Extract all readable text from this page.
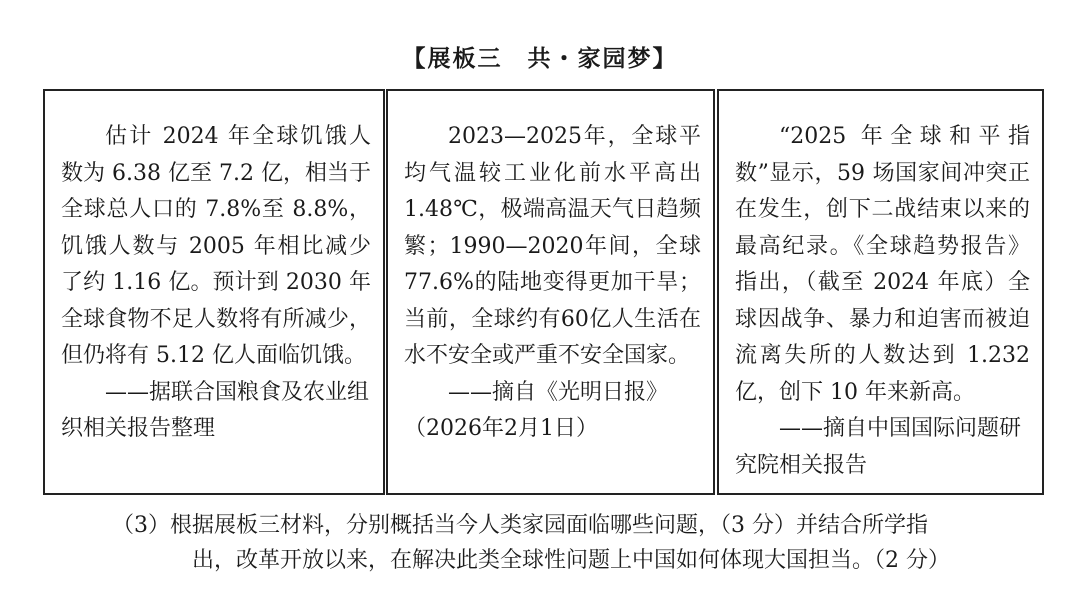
【展板三　共・家园梦】

估计 2024 年全球饥饿人数为 6.38 亿至 7.2 亿，相当于全球总人口的 7.8%至 8.8%，饥饿人数与 2005 年相比减少了约 1.16 亿。预计到 2030 年全球食物不足人数将有所减少，但仍将有 5.12 亿人面临饥饿。

——据联合国粮食及农业组织相关报告整理

2023—2025年，全球平均气温较工业化前水平高出1.48℃，极端高温天气日趋频繁；1990—2020年间，全球77.6%的陆地变得更加干旱；当前，全球约有60亿人生活在水不安全或严重不安全国家。

——摘自《光明日报》

（2026年2月1日）

“2025 年全球和平指数”显示，59 场国家间冲突正在发生，创下二战结束以来的最高纪录。《全球趋势报告》指出，（截至 2024 年底）全球因战争、暴力和迫害而被迫流离失所的人数达到 1.232 亿，创下 10 年来新高。

——摘自中国国际问题研究院相关报告

（3）根据展板三材料，分别概括当今人类家园面临哪些问题，（3 分）并结合所学指
出，改革开放以来，在解决此类全球性问题上中国如何体现大国担当。（2 分）
